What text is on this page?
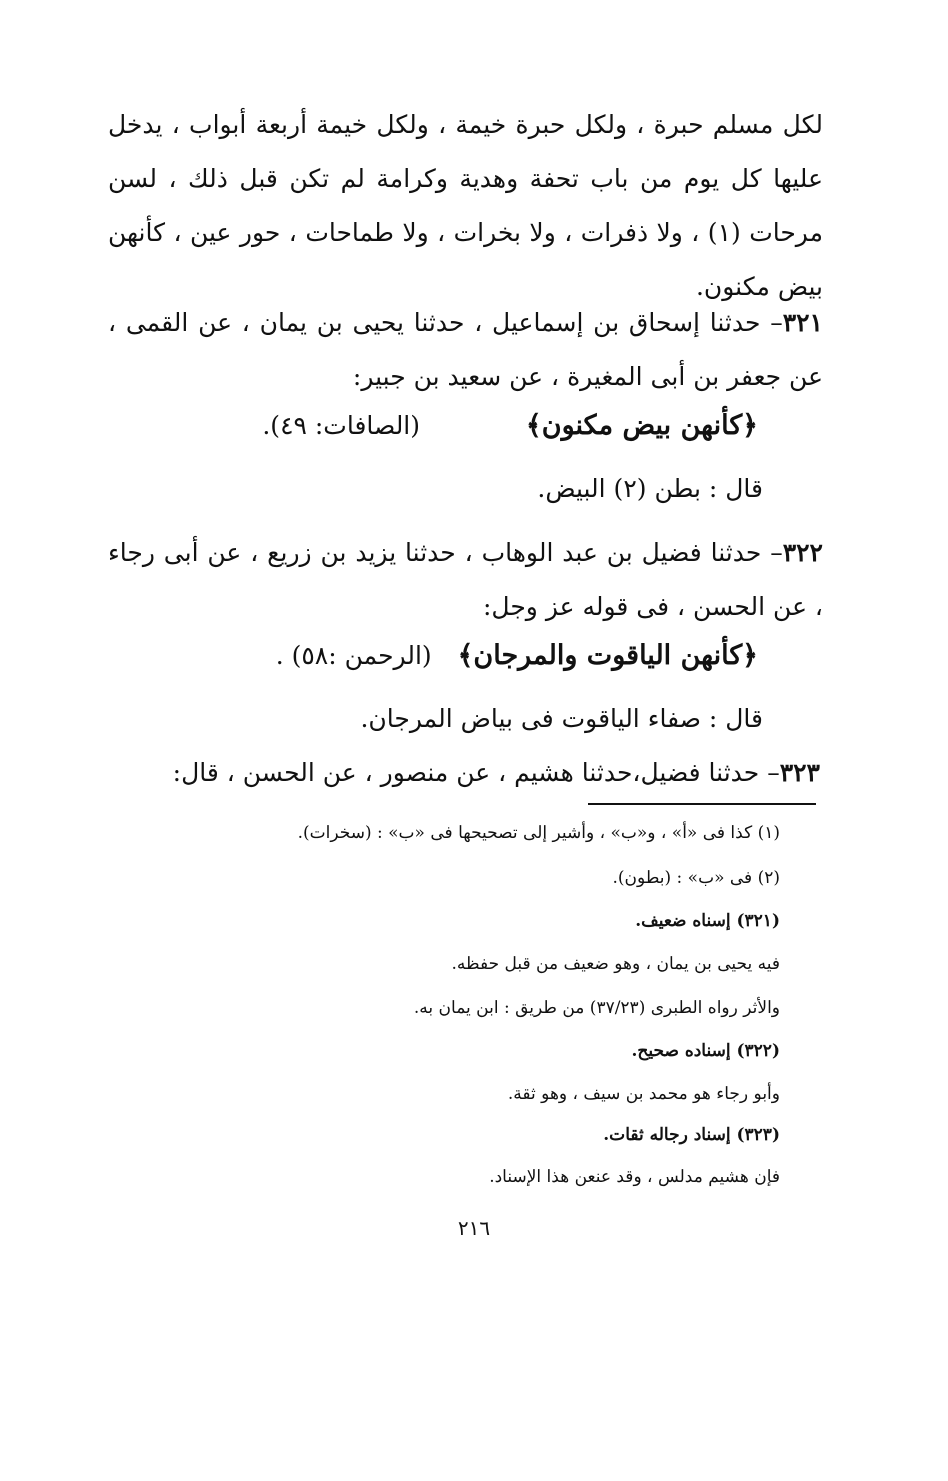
لكل مسلم حبرة ، ولكل حبرة خيمة ، ولكل خيمة أربعة أبواب ، يدخل عليها كل يوم من باب تحفة وهدية وكرامة لم تكن قبل ذلك ، لسن مرحات (١) ، ولا ذفرات ، ولا بخرات ، ولا طماحات ، حور عين ، كأنهن بيض مكنون.

٣٢١– حدثنا إسحاق بن إسماعيل ، حدثنا يحيى بن يمان ، عن القمى ، عن جعفر بن أبى المغيرة ، عن سعيد بن جبير:

﴿كأنهن بيض مكنون﴾  (الصافات: ٤٩).

قال : بطن (٢) البيض.

٣٢٢– حدثنا فضيل بن عبد الوهاب ، حدثنا يزيد بن زريع ، عن أبى رجاء ، عن الحسن ، فى قوله عز وجل:

﴿كأنهن الياقوت والمرجان﴾  (الرحمن :٥٨) .

قال : صفاء الياقوت فى بياض المرجان.

٣٢٣– حدثنا فضيل،حدثنا هشيم ، عن منصور ، عن الحسن ، قال:

(١) كذا فى «أ» ، و«ب» ، وأشير إلى تصحيحها فى «ب» : (سخرات).

(٢) فى «ب» : (بطون).

(٣٢١) إسناه ضعيف.

فيه يحيى بن يمان ، وهو ضعيف من قبل حفظه.

والأثر رواه الطبرى (٣٧/٢٣) من طريق : ابن يمان به.

(٣٢٢) إسناده صحيح.

وأبو رجاء هو محمد بن سيف ، وهو ثقة.

(٣٢٣) إسناد رجاله ثقات.

فإن هشيم مدلس ، وقد عنعن هذا الإسناد.

٢١٦
